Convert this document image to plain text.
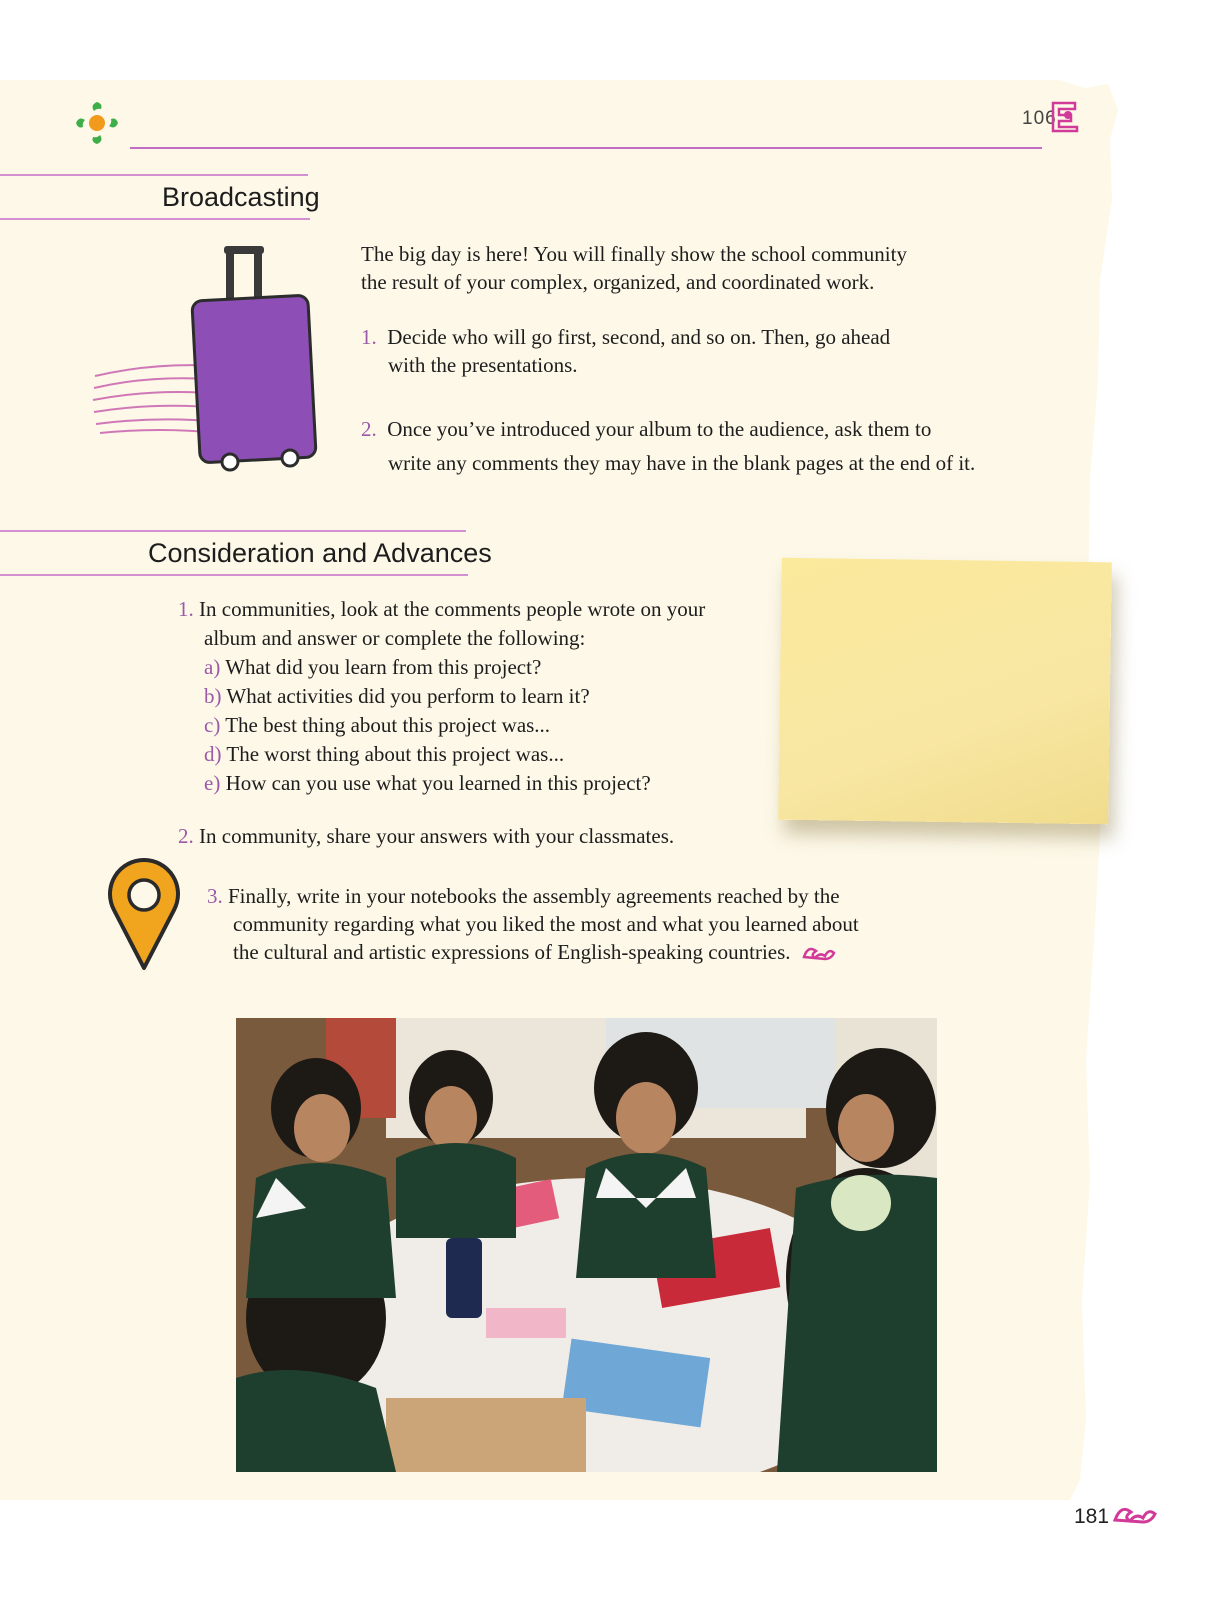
106
Broadcasting
The big day is here! You will finally show the school community
the result of your complex, organized, and coordinated work.
1. Decide who will go first, second, and so on. Then, go ahead
with the presentations.
2. Once you’ve introduced your album to the audience, ask them to
write any comments they may have in the blank pages at the end of it.
Consideration and Advances
1. In communities, look at the comments people wrote on your
album and answer or complete the following:
a) What did you learn from this project?
b) What activities did you perform to learn it?
c) The best thing about this project was...
d) The worst thing about this project was...
e) How can you use what you learned in this project?
2. In community, share your answers with your classmates.
3. Finally, write in your notebooks the assembly agreements reached by the
community regarding what you liked the most and what you learned about
the cultural and artistic expressions of English-speaking countries.
181
